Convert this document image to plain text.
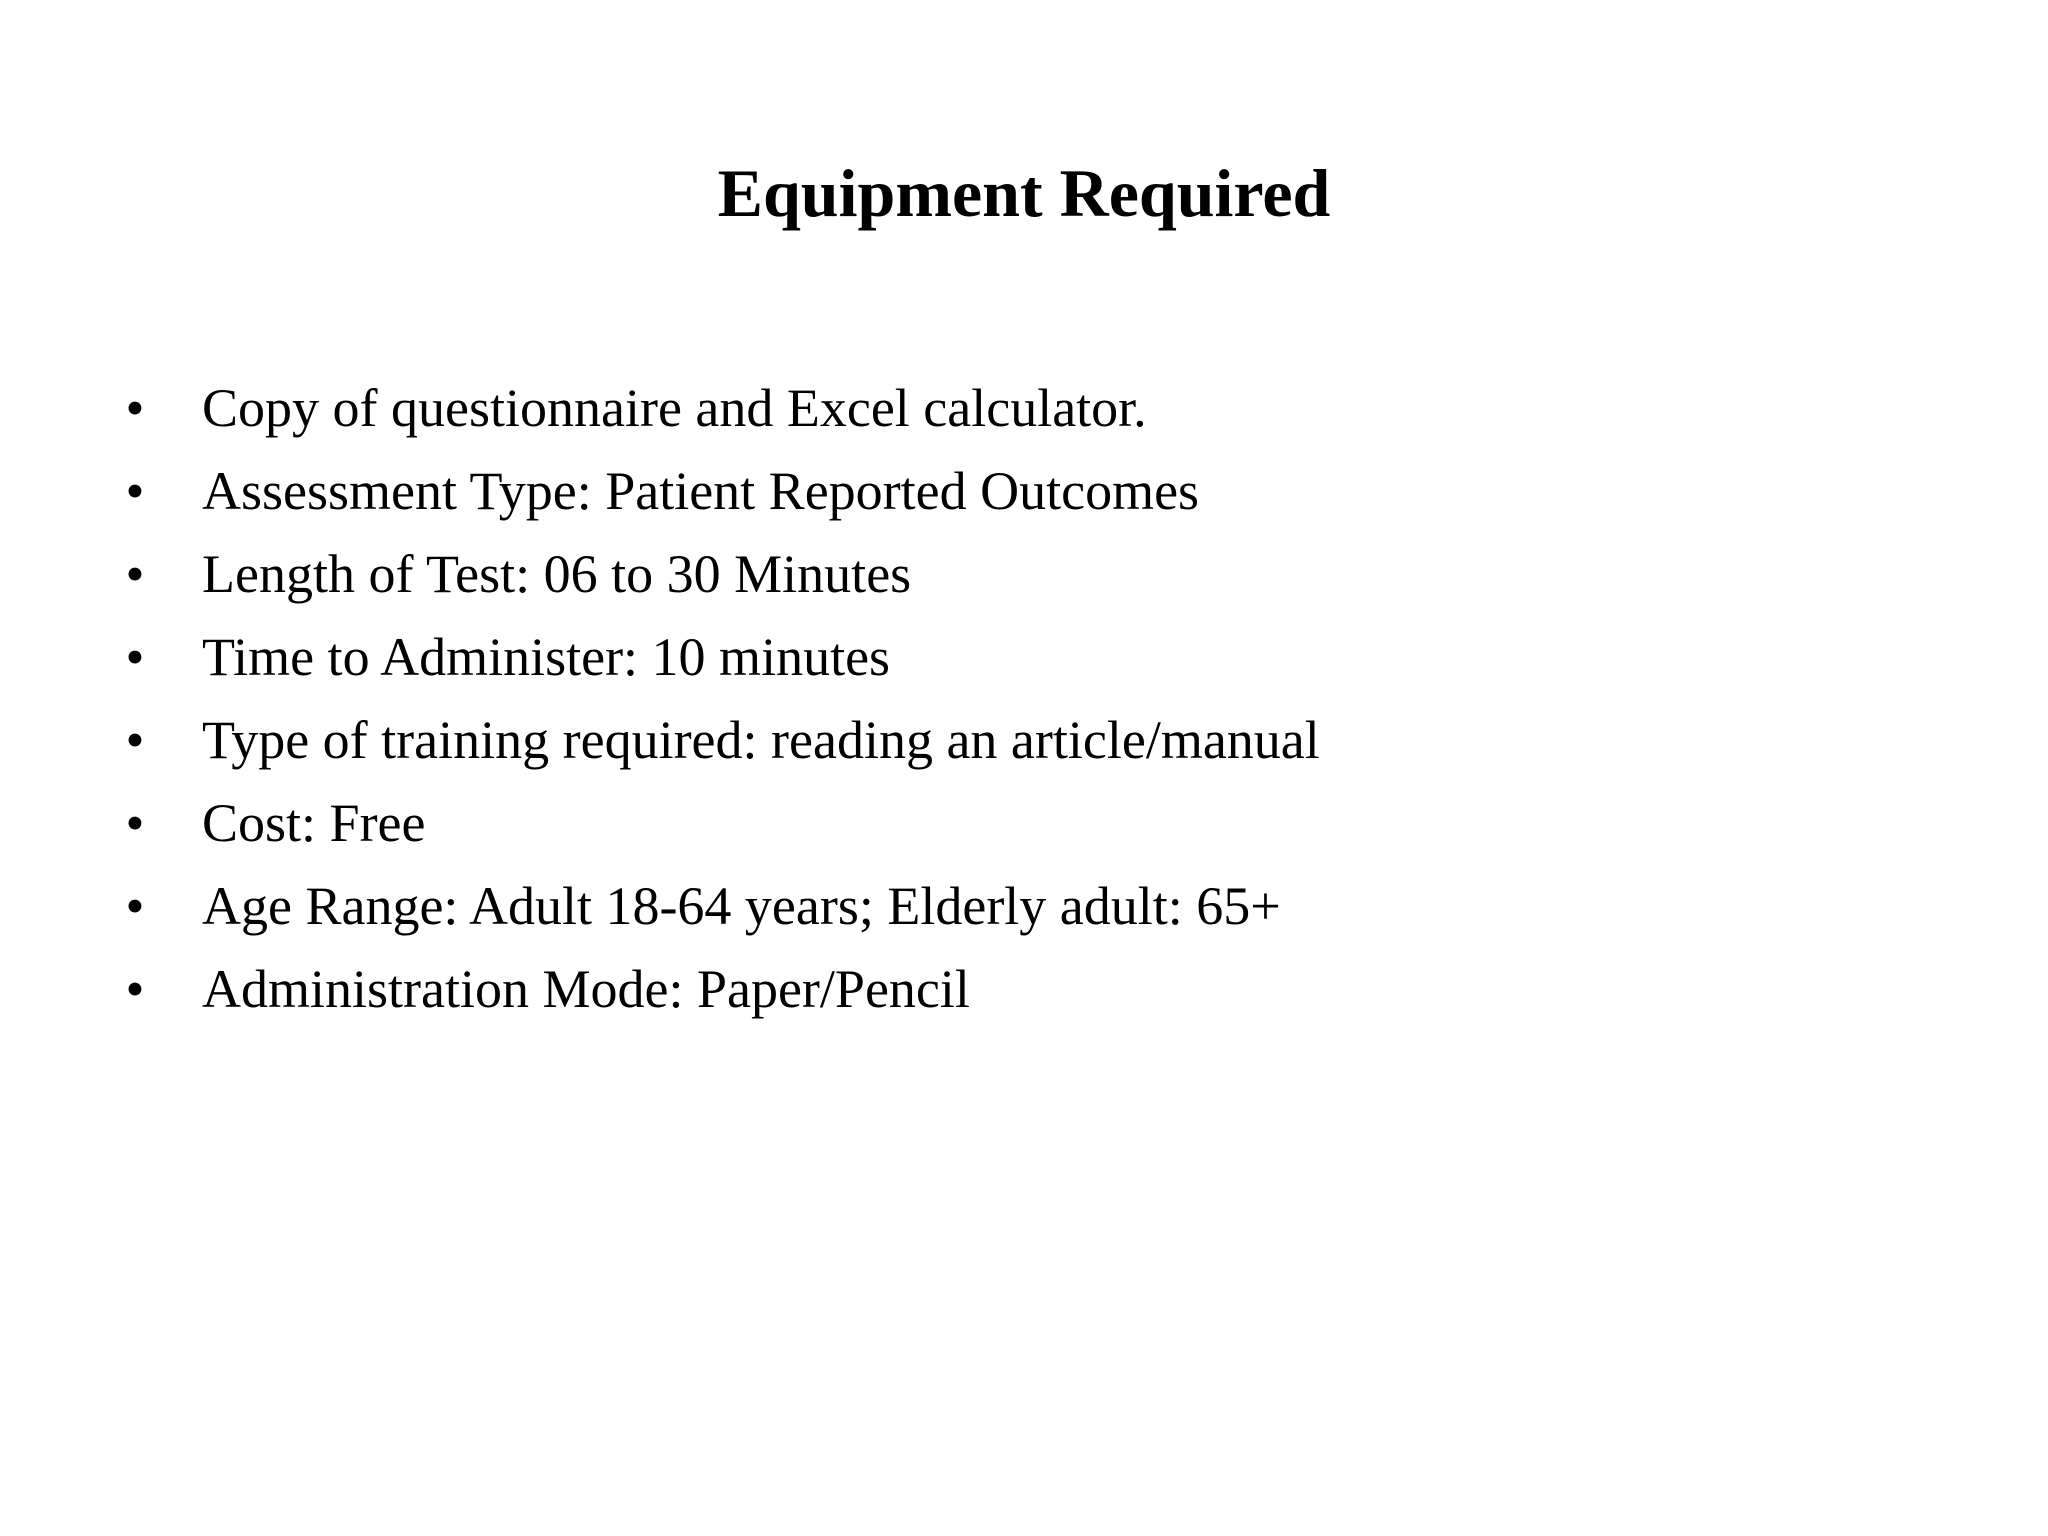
Equipment Required
• Copy of questionnaire and Excel calculator.
• Assessment Type: Patient Reported Outcomes
• Length of Test: 06 to 30 Minutes
• Time to Administer: 10 minutes
• Type of training required: reading an article/manual
• Cost: Free
• Age Range: Adult 18-64 years; Elderly adult: 65+
• Administration Mode: Paper/Pencil
